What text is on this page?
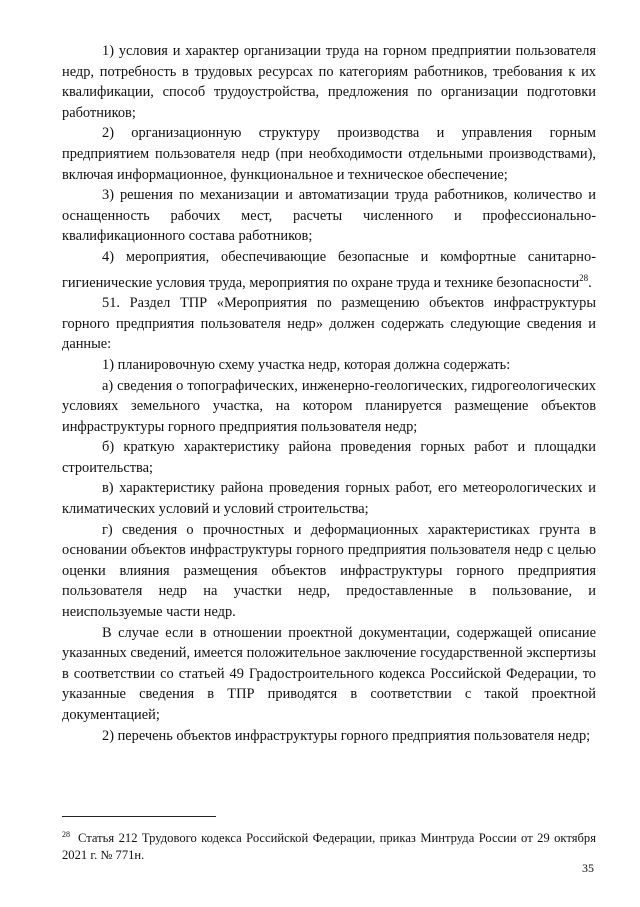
1) условия и характер организации труда на горном предприятии пользователя недр, потребность в трудовых ресурсах по категориям работников, требования к их квалификации, способ трудоустройства, предложения по организации подготовки работников;

2) организационную структуру производства и управления горным предприятием пользователя недр (при необходимости отдельными производствами), включая информационное, функциональное и техническое обеспечение;

3) решения по механизации и автоматизации труда работников, количество и оснащенность рабочих мест, расчеты численного и профессионально-квалификационного состава работников;

4) мероприятия, обеспечивающие безопасные и комфортные санитарно-гигиенические условия труда, мероприятия по охране труда и технике безопасности$^{28}$.

51. Раздел ТПР «Мероприятия по размещению объектов инфраструктуры горного предприятия пользователя недр» должен содержать следующие сведения и данные:

1) планировочную схему участка недр, которая должна содержать:

а) сведения о топографических, инженерно-геологических, гидрогеологических условиях земельного участка, на котором планируется размещение объектов инфраструктуры горного предприятия пользователя недр;

б) краткую характеристику района проведения горных работ и площадки строительства;

в) характеристику района проведения горных работ, его метеорологических и климатических условий и условий строительства;

г) сведения о прочностных и деформационных характеристиках грунта в основании объектов инфраструктуры горного предприятия пользователя недр с целью оценки влияния размещения объектов инфраструктуры горного предприятия пользователя недр на участки недр, предоставленные в пользование, и неиспользуемые части недр.

В случае если в отношении проектной документации, содержащей описание указанных сведений, имеется положительное заключение государственной экспертизы в соответствии со статьей 49 Градостроительного кодекса Российской Федерации, то указанные сведения в ТПР приводятся в соответствии с такой проектной документацией;

2) перечень объектов инфраструктуры горного предприятия пользователя недр;

$^{28}$ Статья 212 Трудового кодекса Российской Федерации, приказ Минтруда России от 29 октября 2021 г. № 771н.
35
